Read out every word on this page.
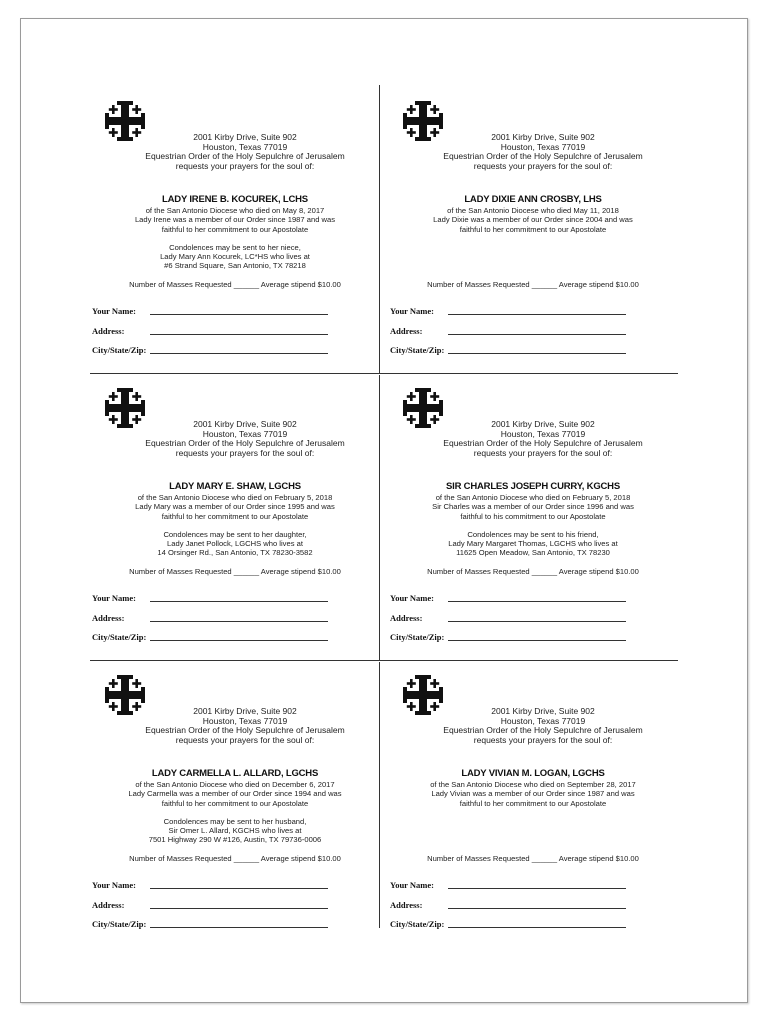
2001 Kirby Drive, Suite 902
Houston, Texas 77019
Equestrian Order of the Holy Sepulchre of Jerusalem
requests your prayers for the soul of:
LADY IRENE B. KOCUREK, LCHS
of the San Antonio Diocese who died on May 8, 2017
Lady Irene was a member of our Order since 1987 and was
faithful to her commitment to our Apostolate
Condolences may be sent to her niece,
Lady Mary Ann Kocurek, LC*HS who lives at
#6 Strand Square, San Antonio, TX 78218
Number of Masses Requested ______ Average stipend $10.00
Your Name:
Address:
City/State/Zip:
2001 Kirby Drive, Suite 902
Houston, Texas 77019
Equestrian Order of the Holy Sepulchre of Jerusalem
requests your prayers for the soul of:
LADY DIXIE ANN CROSBY, LHS
of the San Antonio Diocese who died May 11, 2018
Lady Dixie was a member of our Order since 2004 and was
faithful to her commitment to our Apostolate
Number of Masses Requested ______ Average stipend $10.00
Your Name:
Address:
City/State/Zip:
2001 Kirby Drive, Suite 902
Houston, Texas 77019
Equestrian Order of the Holy Sepulchre of Jerusalem
requests your prayers for the soul of:
LADY MARY E. SHAW, LGCHS
of the San Antonio Diocese who died on February 5, 2018
Lady Mary was a member of our Order since 1995 and was
faithful to her commitment to our Apostolate
Condolences may be sent to her daughter,
Lady Janet Pollock, LGCHS who lives at
14 Orsinger Rd., San Antonio, TX 78230-3582
Number of Masses Requested ______ Average stipend $10.00
Your Name:
Address:
City/State/Zip:
2001 Kirby Drive, Suite 902
Houston, Texas 77019
Equestrian Order of the Holy Sepulchre of Jerusalem
requests your prayers for the soul of:
SIR CHARLES JOSEPH CURRY, KGCHS
of the San Antonio Diocese who died on February 5, 2018
Sir Charles was a member of our Order since 1996 and was
faithful to his commitment to our Apostolate
Condolences may be sent to his friend,
Lady Mary Margaret Thomas, LGCHS who lives at
11625 Open Meadow, San Antonio, TX 78230
Number of Masses Requested ______ Average stipend $10.00
Your Name:
Address:
City/State/Zip:
2001 Kirby Drive, Suite 902
Houston, Texas 77019
Equestrian Order of the Holy Sepulchre of Jerusalem
requests your prayers for the soul of:
LADY CARMELLA L. ALLARD, LGCHS
of the San Antonio Diocese who died on December 6, 2017
Lady Carmella was a member of our Order since 1994 and was
faithful to her commitment to our Apostolate
Condolences may be sent to her husband,
Sir Omer L. Allard, KGCHS who lives at
7501 Highway 290 W #126, Austin, TX 79736-0006
Number of Masses Requested ______ Average stipend $10.00
Your Name:
Address:
City/State/Zip:
2001 Kirby Drive, Suite 902
Houston, Texas 77019
Equestrian Order of the Holy Sepulchre of Jerusalem
requests your prayers for the soul of:
LADY VIVIAN M. LOGAN, LGCHS
of the San Antonio Diocese who died on September 28, 2017
Lady Vivian was a member of our Order since 1987 and was
faithful to her commitment to our Apostolate
Number of Masses Requested ______ Average stipend $10.00
Your Name:
Address:
City/State/Zip:
